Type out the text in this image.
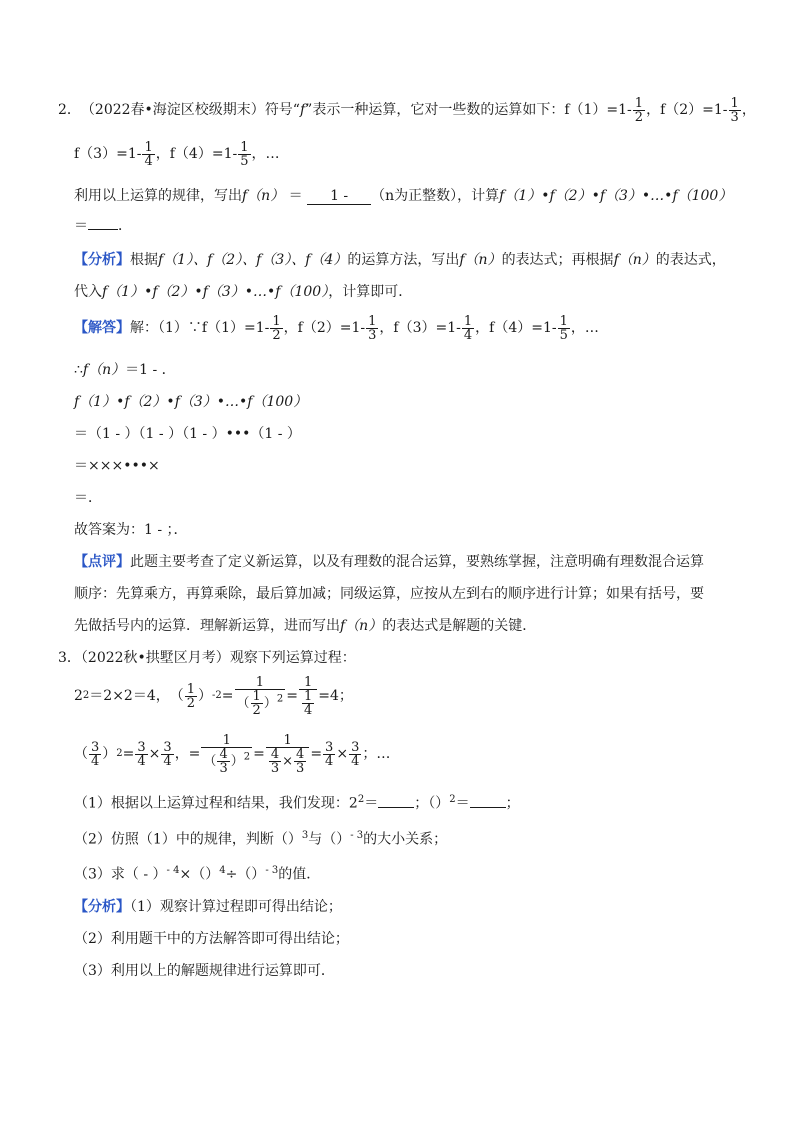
2． （2022春•海淀区校级期末） 符号“ f ”表示一种运算，它对一些数的运算如下： $f(1)=1- \frac{1}{2}$ ，$f(2)=1- \frac{1}{3}$ ，
$f(3)=1- \frac{1}{4}$ ，$f(4)=1- \frac{1}{5}$ ，…
利用以上运算的规律，写出f（n） ＝ 1 - （n为正整数），计算f（1）•f（2）•f（3）•…•f（100）
＝ ．
【分析】根据f（1）、f（2）、f（3）、f（4）的运算方法，写出f（n）的表达式；再根据f（n）的表达式，
代入f（1）•f（2）•f（3）•…•f（100），计算即可．
【解答】 解：（1）∵ $f(1)=1- \frac{1}{2}$ ，$f(2)=1- \frac{1}{3}$ ，$f(3)=1- \frac{1}{4}$ ，$f(4)=1- \frac{1}{5}$ ，…
∴f（n）＝1 - ．
f（1）•f（2）•f（3）•…•f（100）
＝（1 - ）（1 - ）（1 - ）•••（1 - ）
＝×××•••×
＝．
故答案为：1 - ；．
【点评】此题主要考查了定义新运算，以及有理数的混合运算，要熟练掌握，注意明确有理数混合运算
顺序：先算乘方，再算乘除，最后算加减；同级运算，应按从左到右的顺序进行计算；如果有括号，要
先做括号内的运算．理解新运算，进而写出f（n）的表达式是解题的关键．
3．（2022秋•拱墅区月考）观察下列运算过程：
2 2 ＝2×2＝4， （ $\frac{1}{2}$ ） $-2 = \frac{1}{( \frac{1}{2} )^2} = \frac{1}{\frac{1}{4}} =4$；
（ $\frac{3}{4}$ ） $2 = \frac{3}{4} \times \frac{3}{4}$ ，= $\frac{1}{( \frac{4}{3} )^2} = \frac{1}{\frac{4}{3} \times \frac{4}{3}} = \frac{3}{4} \times \frac{3}{4}$ ；…
（1）根据以上运算过程和结果，我们发现：$2^2=$	；（）$^2$＝	；
（2）仿照（1）中的规律，判断（）$^3$与（）$^{- 3}$的大小关系；
（3）求（ - ）$^{- 4}$×（）$^4$÷（）$^{- 3}$的值．
【分析】（1）观察计算过程即可得出结论；
（2）利用题干中的方法解答即可得出结论；
（3）利用以上的解题规律进行运算即可．
